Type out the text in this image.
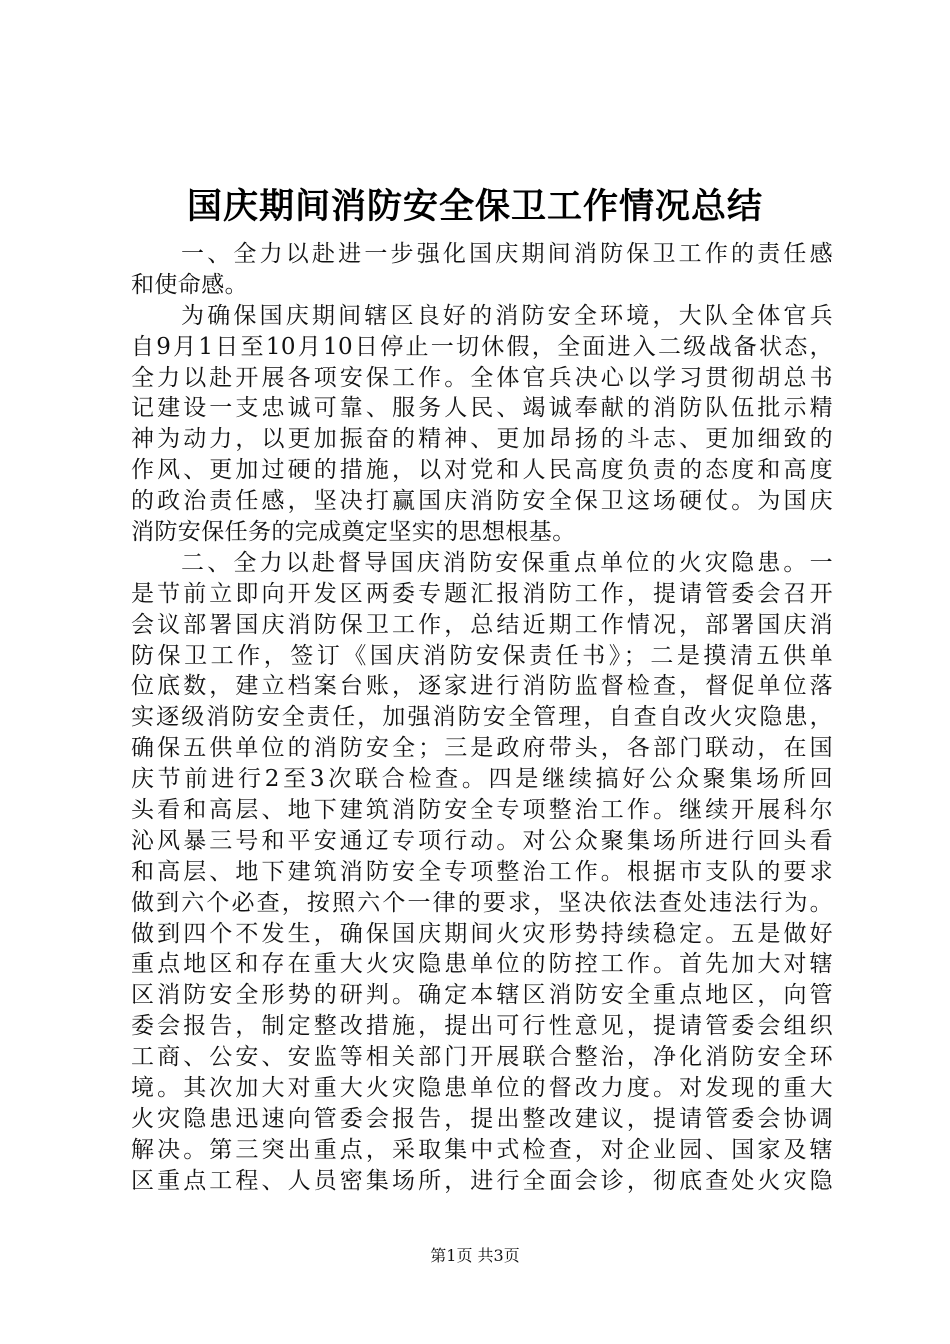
国庆期间消防安全保卫工作情况总结
一、全力以赴进一步强化国庆期间消防保卫工作的责任感
和使命感。
为确保国庆期间辖区良好的消防安全环境，大队全体官兵
自9月1日至10月10日停止一切休假，全面进入二级战备状态，
全力以赴开展各项安保工作。全体官兵决心以学习贯彻胡总书
记建设一支忠诚可靠、服务人民、竭诚奉献的消防队伍批示精
神为动力，以更加振奋的精神、更加昂扬的斗志、更加细致的
作风、更加过硬的措施，以对党和人民高度负责的态度和高度
的政治责任感，坚决打赢国庆消防安全保卫这场硬仗。为国庆
消防安保任务的完成奠定坚实的思想根基。
二、全力以赴督导国庆消防安保重点单位的火灾隐患。一
是节前立即向开发区两委专题汇报消防工作，提请管委会召开
会议部署国庆消防保卫工作，总结近期工作情况，部署国庆消
防保卫工作，签订《国庆消防安保责任书》；二是摸清五供单
位底数，建立档案台账，逐家进行消防监督检查，督促单位落
实逐级消防安全责任，加强消防安全管理，自查自改火灾隐患，
确保五供单位的消防安全；三是政府带头，各部门联动，在国
庆节前进行2至3次联合检查。四是继续搞好公众聚集场所回
头看和高层、地下建筑消防安全专项整治工作。继续开展科尔
沁风暴三号和平安通辽专项行动。对公众聚集场所进行回头看
和高层、地下建筑消防安全专项整治工作。根据市支队的要求
做到六个必查，按照六个一律的要求，坚决依法查处违法行为。
做到四个不发生，确保国庆期间火灾形势持续稳定。五是做好
重点地区和存在重大火灾隐患单位的防控工作。首先加大对辖
区消防安全形势的研判。确定本辖区消防安全重点地区，向管
委会报告，制定整改措施，提出可行性意见，提请管委会组织
工商、公安、安监等相关部门开展联合整治，净化消防安全环
境。其次加大对重大火灾隐患单位的督改力度。对发现的重大
火灾隐患迅速向管委会报告，提出整改建议，提请管委会协调
解决。第三突出重点，采取集中式检查，对企业园、国家及辖
区重点工程、人员密集场所，进行全面会诊，彻底查处火灾隐
第1页 共3页
